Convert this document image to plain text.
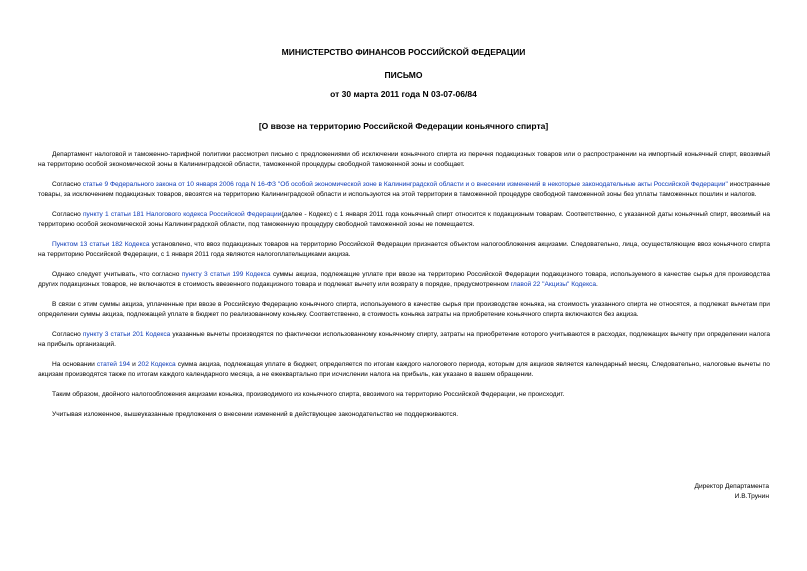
МИНИСТЕРСТВО ФИНАНСОВ РОССИЙСКОЙ ФЕДЕРАЦИИ
ПИСЬМО
от 30 марта 2011 года N 03-07-06/84
[О ввозе на территорию Российской Федерации коньячного спирта]

Департамент налоговой и таможенно-тарифной политики рассмотрел письмо с предложениями об исключении коньячного спирта из перечня подакцизных товаров или о распространении на импортный коньячный спирт, ввозимый на территорию особой экономической зоны в Калининградской области, таможенной процедуры свободной таможенной зоны и сообщает.

Согласно статье 9 Федерального закона от 10 января 2006 года N 16-ФЗ "Об особой экономической зоне в Калининградской области и о внесении изменений в некоторые законодательные акты Российской Федерации" иностранные товары, за исключением подакцизных товаров, ввозятся на территорию Калининградской области и используются на этой территории в таможенной процедуре свободной таможенной зоны без уплаты таможенных пошлин и налогов.

Согласно пункту 1 статьи 181 Налогового кодекса Российской Федерации(далее - Кодекс) с 1 января 2011 года коньячный спирт относится к подакцизным товарам. Соответственно, с указанной даты коньячный спирт, ввозимый на территорию особой экономической зоны Калининградской области, под таможенную процедуру свободной таможенной зоны не помещается.

Пунктом 13 статьи 182 Кодекса установлено, что ввоз подакцизных товаров на территорию Российской Федерации признается объектом налогообложения акцизами. Следовательно, лица, осуществляющие ввоз коньячного спирта на территорию Российской Федерации, с 1 января 2011 года являются налогоплательщиками акциза.

Однако следует учитывать, что согласно пункту 3 статьи 199 Кодекса суммы акциза, подлежащие уплате при ввозе на территорию Российской Федерации подакцизного товара, используемого в качестве сырья для производства других подакцизных товаров, не включаются в стоимость ввезенного подакцизного товара и подлежат вычету или возврату в порядке, предусмотренном главой 22 "Акцизы" Кодекса.

В связи с этим суммы акциза, уплаченные при ввозе в Российскую Федерацию коньячного спирта, используемого в качестве сырья при производстве коньяка, на стоимость указанного спирта не относятся, а подлежат вычетам при определении суммы акциза, подлежащей уплате в бюджет по реализованному коньяку. Соответственно, в стоимость коньяка затраты на приобретение коньячного спирта включаются без акциза.

Согласно пункту 3 статьи 201 Кодекса указанные вычеты производятся по фактически использованному коньячному спирту, затраты на приобретение которого учитываются в расходах, подлежащих вычету при определении налога на прибыль организаций.

На основании статей 194 и 202 Кодекса сумма акциза, подлежащая уплате в бюджет, определяется по итогам каждого налогового периода, которым для акцизов является календарный месяц. Следовательно, налоговые вычеты по акцизам производятся также по итогам каждого календарного месяца, а не ежеквартально при исчислении налога на прибыль, как указано в вашем обращении.

Таким образом, двойного налогообложения акцизами коньяка, производимого из коньячного спирта, ввозимого на территорию Российской Федерации, не происходит.

Учитывая изложенное, вышеуказанные предложения о внесении изменений в действующее законодательство не поддерживаются.

Директор Департамента
И.В.Трунин
